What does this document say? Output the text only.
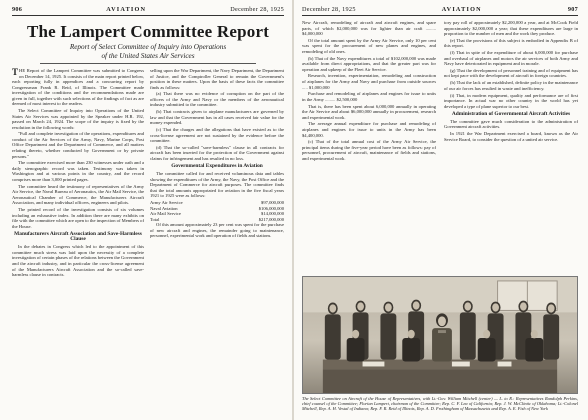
906	AVIATION	December 28, 1925	December 28, 1925	AVIATION	907
The Lampert Committee Report
Report of Select Committee of Inquiry into Operations
of the United States Air Services

THE Report of the Lampert Committee was submitted to Congress on December 14, 1925. It consists of the main report printed below, each reporting fully in appendices and a concurring report by Congressman Frank R. Reid, of Illinois. The Committee made investigation of the conditions and the recommendations made are given in full, together with such selections of the findings of fact as are deemed of most interest to the readers.

The Select Committee of Inquiry into Operations of the United States Air Services was appointed by the Speaker under H.R. 192, passed on March 24, 1924. The scope of the inquiry is fixed by the resolution in the following words:

"Full and complete investigation of the operations, expenditures and conduct of the Air Services of the Army, Navy, Marine Corps, Post Office Department and the Department of Commerce, and all matters relating thereto, whether conducted by Government or by private persons."

The committee exercised more than 230 witnesses under oath and a daily stenographic record was taken. Testimony was taken in Washington and at various points in the country, and the record comprises more than 3,000 printed pages.

The committee heard the testimony of representatives of the Army Air Service, the Naval Bureau of Aeronautics, the Air Mail Service, the Aeronautical Chamber of Commerce, the Manufacturers Aircraft Association, and many individual officers, engineers and pilots.

The printed record of the investigation consists of six volumes including an exhaustive index. In addition there are many exhibits on file with the committee which are open to the inspection of Members of the House.

Manufacturers Aircraft Association and Save-Harmless Clause

In the debates in Congress which led to the appointment of this committee much stress was laid upon the necessity of a complete investigation of certain phases of the relations between the Government and the aircraft industry, and in particular the cross-license agreement of the Manufacturers Aircraft Association and the so-called save-harmless clause in contracts.

selling upon the War Department, the Navy Department, the Department of Justice, and the Comptroller General to remain the Government's position in these matters. Upon the basis of these facts the committee finds as follows:

(a) That there was no evidence of corruption on the part of the officers of the Army and Navy or the members of the aeronautical industry submitted to the committee.

(b) That contracts given to airplane manufacturers are governed by law and that the Government has in all cases received fair value for the money expended.

(c) That the charges and the allegations that have existed as to the cross-license agreement are not sustained by the evidence before the committee.

(d) That the so-called "save-harmless" clause in all contracts for aircraft has been inserted for the protection of the Government against claims for infringement and has resulted in no loss.

Governmental Expenditures in Aviation

The committee called for and received voluminous data and tables showing the expenditures of the Army, the Navy, the Post Office and the Department of Commerce for aircraft purposes. The committee finds that the total amounts appropriated for aviation in the five fiscal years 1921 to 1925 were as follows:

Army Air Service	$97,000,000
Naval Aviation	$106,000,000
Air Mail Service	$14,000,000
Total	$217,000,000

Of this amount approximately 23 per cent was spent for the purchase of new aircraft and engines, the remainder going to maintenance, personnel, experimental work and operation of fields and stations.

New Aircraft, remodeling of aircraft and aircraft engines, and spare parts, of which $2,000,000 was for lighter than air craft ......... $4,000,000

Of the total amount spent by the Army Air Service, only 10 per cent was spent for the procurement of new planes and engines, and remodeling of old ones.

(b) That of the Navy expenditures a total of $102,000,000 was made available from direct appropriations, and that the greater part was for operation and upkeep of the Fleet Air Service.

Research, invention, experimentation, remodeling and construction of airplanes for the Army and Navy and purchase from outside sources ..... $1,000,000

Purchase and remodeling of airplanes and engines for issue to units in the Army ......... $2,500,000

That is, there has been spent about 6,000,000 annually in operating the Air Service and about $6,000,000 annually in procurement, research and experimental work.

The average annual expenditure for purchase and remodeling of airplanes and engines for issue to units in the Army has been $4,400,000.

(c) That of the total annual cost of the Army Air Service, the principal items during the five-year period have been as follows: pay of personnel, procurement of aircraft, maintenance of fields and stations, and experimental work.

tory pay roll of approximately $2,200,000 a year, and at McCook Field approximately $2,000,000 a year; that these expenditures are large in proportion to the number of men and the work they produce.

(e) That the provisions of this subject is embodied in Appendix B of this report.

(f) That in spite of the expenditure of about 6,000,000 for purchase and overhaul of airplanes and motors the air services of both Army and Navy have deteriorated in equipment and in morale.

(g) That the development of personnel training and of equipment has not kept pace with the development of aircraft in foreign countries.

(h) That the lack of an established, definite policy in the maintenance of our air forces has resulted in waste and inefficiency.

(i) That, in modern equipment, quality and performance are of first importance. In actual war no other country in the world has yet developed a type of plane superior to our best.

Administration of Governmental Aircraft Activities

The committee gave much consideration to the administration of Government aircraft activities.

In 1921 the War Department exercised a board, known as the Air Service Board, to consider the question of a united air service.

The Select Committee on Aircraft of the House of Representatives, with Lt.-Gov. William Mitchell (center) — L. to R.: Representatives Randolph Perkins, chief counsel of the Committee; Florian Lampert, chairman of the Committee; Rep. C. F. Lea of California; Rep. J. W. McClintic of Oklahoma; Lt.-Colonel Mitchell, Rep. A. H. Vestal of Indiana; Rep. F. R. Reid of Illinois, Rep. A. D. Frothingham of Massachusetts and Rep. A. E. Fish of New York
